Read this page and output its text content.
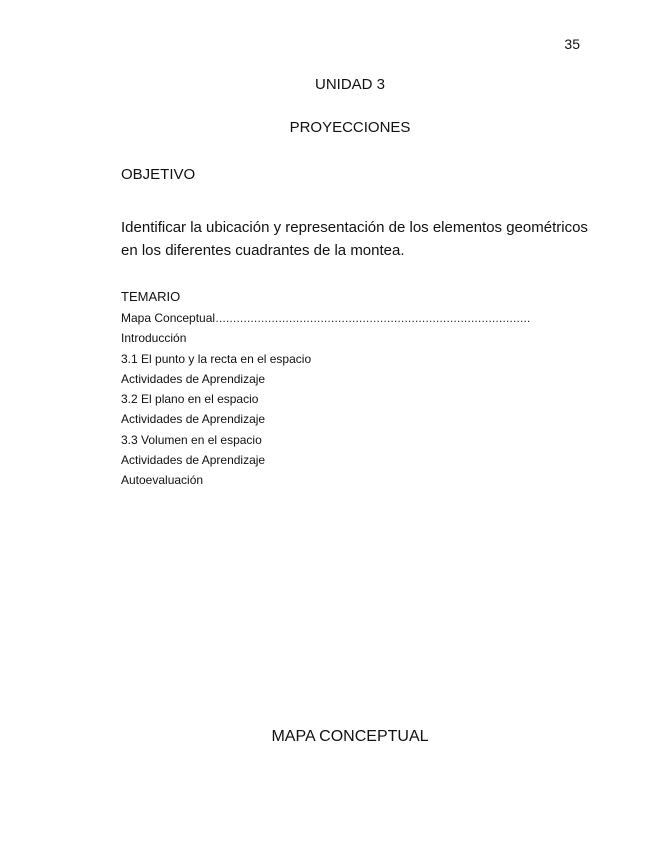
35
UNIDAD 3
PROYECCIONES
OBJETIVO
Identificar la ubicación y representación de los elementos geométricos en los diferentes cuadrantes de la montea.
TEMARIO
Mapa Conceptual………………………………………………………………………………
Introducción
3.1 El punto y la recta en el espacio
Actividades de Aprendizaje
3.2 El plano en el espacio
Actividades de Aprendizaje
3.3 Volumen en el espacio
Actividades de Aprendizaje
Autoevaluación
MAPA CONCEPTUAL
